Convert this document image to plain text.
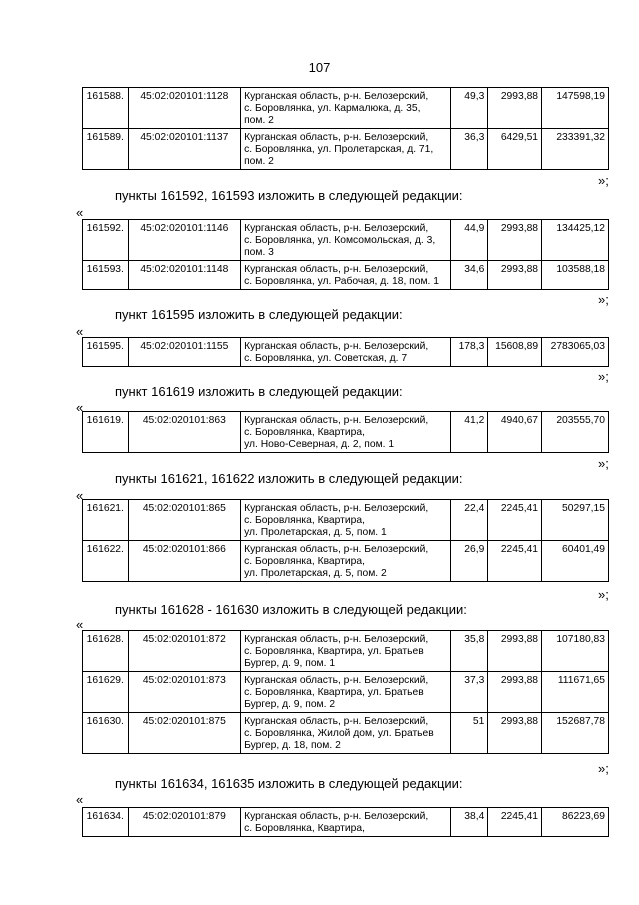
107
161588.	45:02:020101:1128	Курганская область, р-н. Белозерский,
с. Боровлянка, ул. Кармалюка, д. 35,
пом. 2	49,3	2993,88	147598,19
161589.	45:02:020101:1137	Курганская область, р-н. Белозерский,
с. Боровлянка, ул. Пролетарская, д. 71,
пом. 2	36,3	6429,51	233391,32
»;
пункты 161592, 161593 изложить в следующей редакции:
«
161592.	45:02:020101:1146	Курганская область, р-н. Белозерский,
с. Боровлянка, ул. Комсомольская, д. 3,
пом. 3	44,9	2993,88	134425,12
161593.	45:02:020101:1148	Курганская область, р-н. Белозерский,
с. Боровлянка, ул. Рабочая, д. 18, пом. 1	34,6	2993,88	103588,18
»;
пункт 161595 изложить в следующей редакции:
«
161595.	45:02:020101:1155	Курганская область, р-н. Белозерский,
с. Боровлянка, ул. Советская, д. 7
	178,3	15608,89	2783065,03
»;
пункт 161619 изложить в следующей редакции:
«
161619.	45:02:020101:863	Курганская область, р-н. Белозерский,
с. Боровлянка, Квартира,
ул. Ново-Северная, д. 2, пом. 1
	41,2	4940,67	203555,70
»;
пункты 161621, 161622 изложить в следующей редакции:
«
161621.	45:02:020101:865	Курганская область, р-н. Белозерский,
с. Боровлянка, Квартира,
ул. Пролетарская, д. 5, пом. 1	22,4	2245,41	50297,15
161622.	45:02:020101:866	Курганская область, р-н. Белозерский,
с. Боровлянка, Квартира,
ул. Пролетарская, д. 5, пом. 2	26,9	2245,41	60401,49
»;
пункты 161628 - 161630 изложить в следующей редакции:
«
161628.	45:02:020101:872	Курганская область, р-н. Белозерский,
с. Боровлянка, Квартира, ул. Братьев
Бургер, д. 9, пом. 1	35,8	2993,88	107180,83
161629.	45:02:020101:873	Курганская область, р-н. Белозерский,
с. Боровлянка, Квартира, ул. Братьев
Бургер, д. 9, пом. 2	37,3	2993,88	111671,65
161630.	45:02:020101:875	Курганская область, р-н. Белозерский,
с. Боровлянка, Жилой дом, ул. Братьев
Бургер, д. 18, пом. 2	51	2993,88	152687,78
»;
пункты 161634, 161635 изложить в следующей редакции:
«
161634.	45:02:020101:879	Курганская область, р-н. Белозерский,
с. Боровлянка, Квартира,
	38,4	2245,41	86223,69
